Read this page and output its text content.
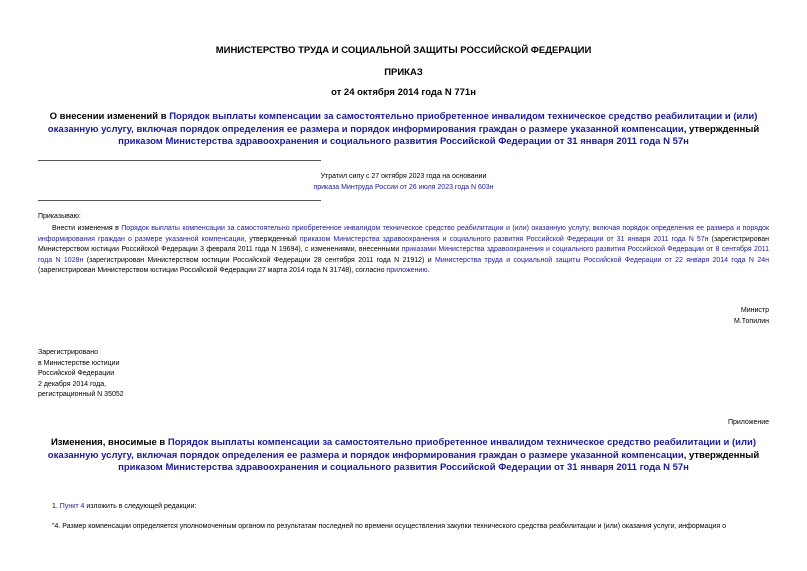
МИНИСТЕРСТВО ТРУДА И СОЦИАЛЬНОЙ ЗАЩИТЫ РОССИЙСКОЙ ФЕДЕРАЦИИ
ПРИКАЗ
от 24 октября 2014 года N 771н
О внесении изменений в Порядок выплаты компенсации за самостоятельно приобретенное инвалидом техническое средство реабилитации и (или) оказанную услугу, включая порядок определения ее размера и порядок информирования граждан о размере указанной компенсации, утвержденный приказом Министерства здравоохранения и социального развития Российской Федерации от 31 января 2011 года N 57н
Утратил силу с 27 октября 2023 года на основании
приказа Минтруда России от 26 июля 2023 года N 603н
Приказываю:
Внести изменения в Порядок выплаты компенсации за самостоятельно приобретенное инвалидом техническое средство реабилитации и (или) оказанную услугу, включая порядок определения ее размера и порядок информирования граждан о размере указанной компенсации, утвержденный приказом Министерства здравоохранения и социального развития Российской Федерации от 31 января 2011 года N 57н (зарегистрирован Министерством юстиции Российской Федерации 3 февраля 2011 года N 19694), с изменениями, внесенными приказами Министерства здравоохранения и социального развития Российской Федерации от 8 сентября 2011 года N 1028н (зарегистрирован Министерством юстиции Российской Федерации 28 сентября 2011 года N 21912) и Министерства труда и социальной защиты Российской Федерации от 22 января 2014 года N 24н (зарегистрирован Министерством юстиции Российской Федерации 27 марта 2014 года N 31748), согласно приложению.
Министр
М.Топилин
Зарегистрировано
в Министерстве юстиции
Российской Федерации
2 декабря 2014 года,
регистрационный N 35052
Приложение
Изменения, вносимые в Порядок выплаты компенсации за самостоятельно приобретенное инвалидом техническое средство реабилитации и (или) оказанную услугу, включая порядок определения ее размера и порядок информирования граждан о размере указанной компенсации, утвержденный приказом Министерства здравоохранения и социального развития Российской Федерации от 31 января 2011 года N 57н
1. Пункт 4 изложить в следующей редакции:
"4. Размер компенсации определяется уполномоченным органом по результатам последней по времени осуществления закупки технического средства реабилитации и (или) оказания услуги, информация о
